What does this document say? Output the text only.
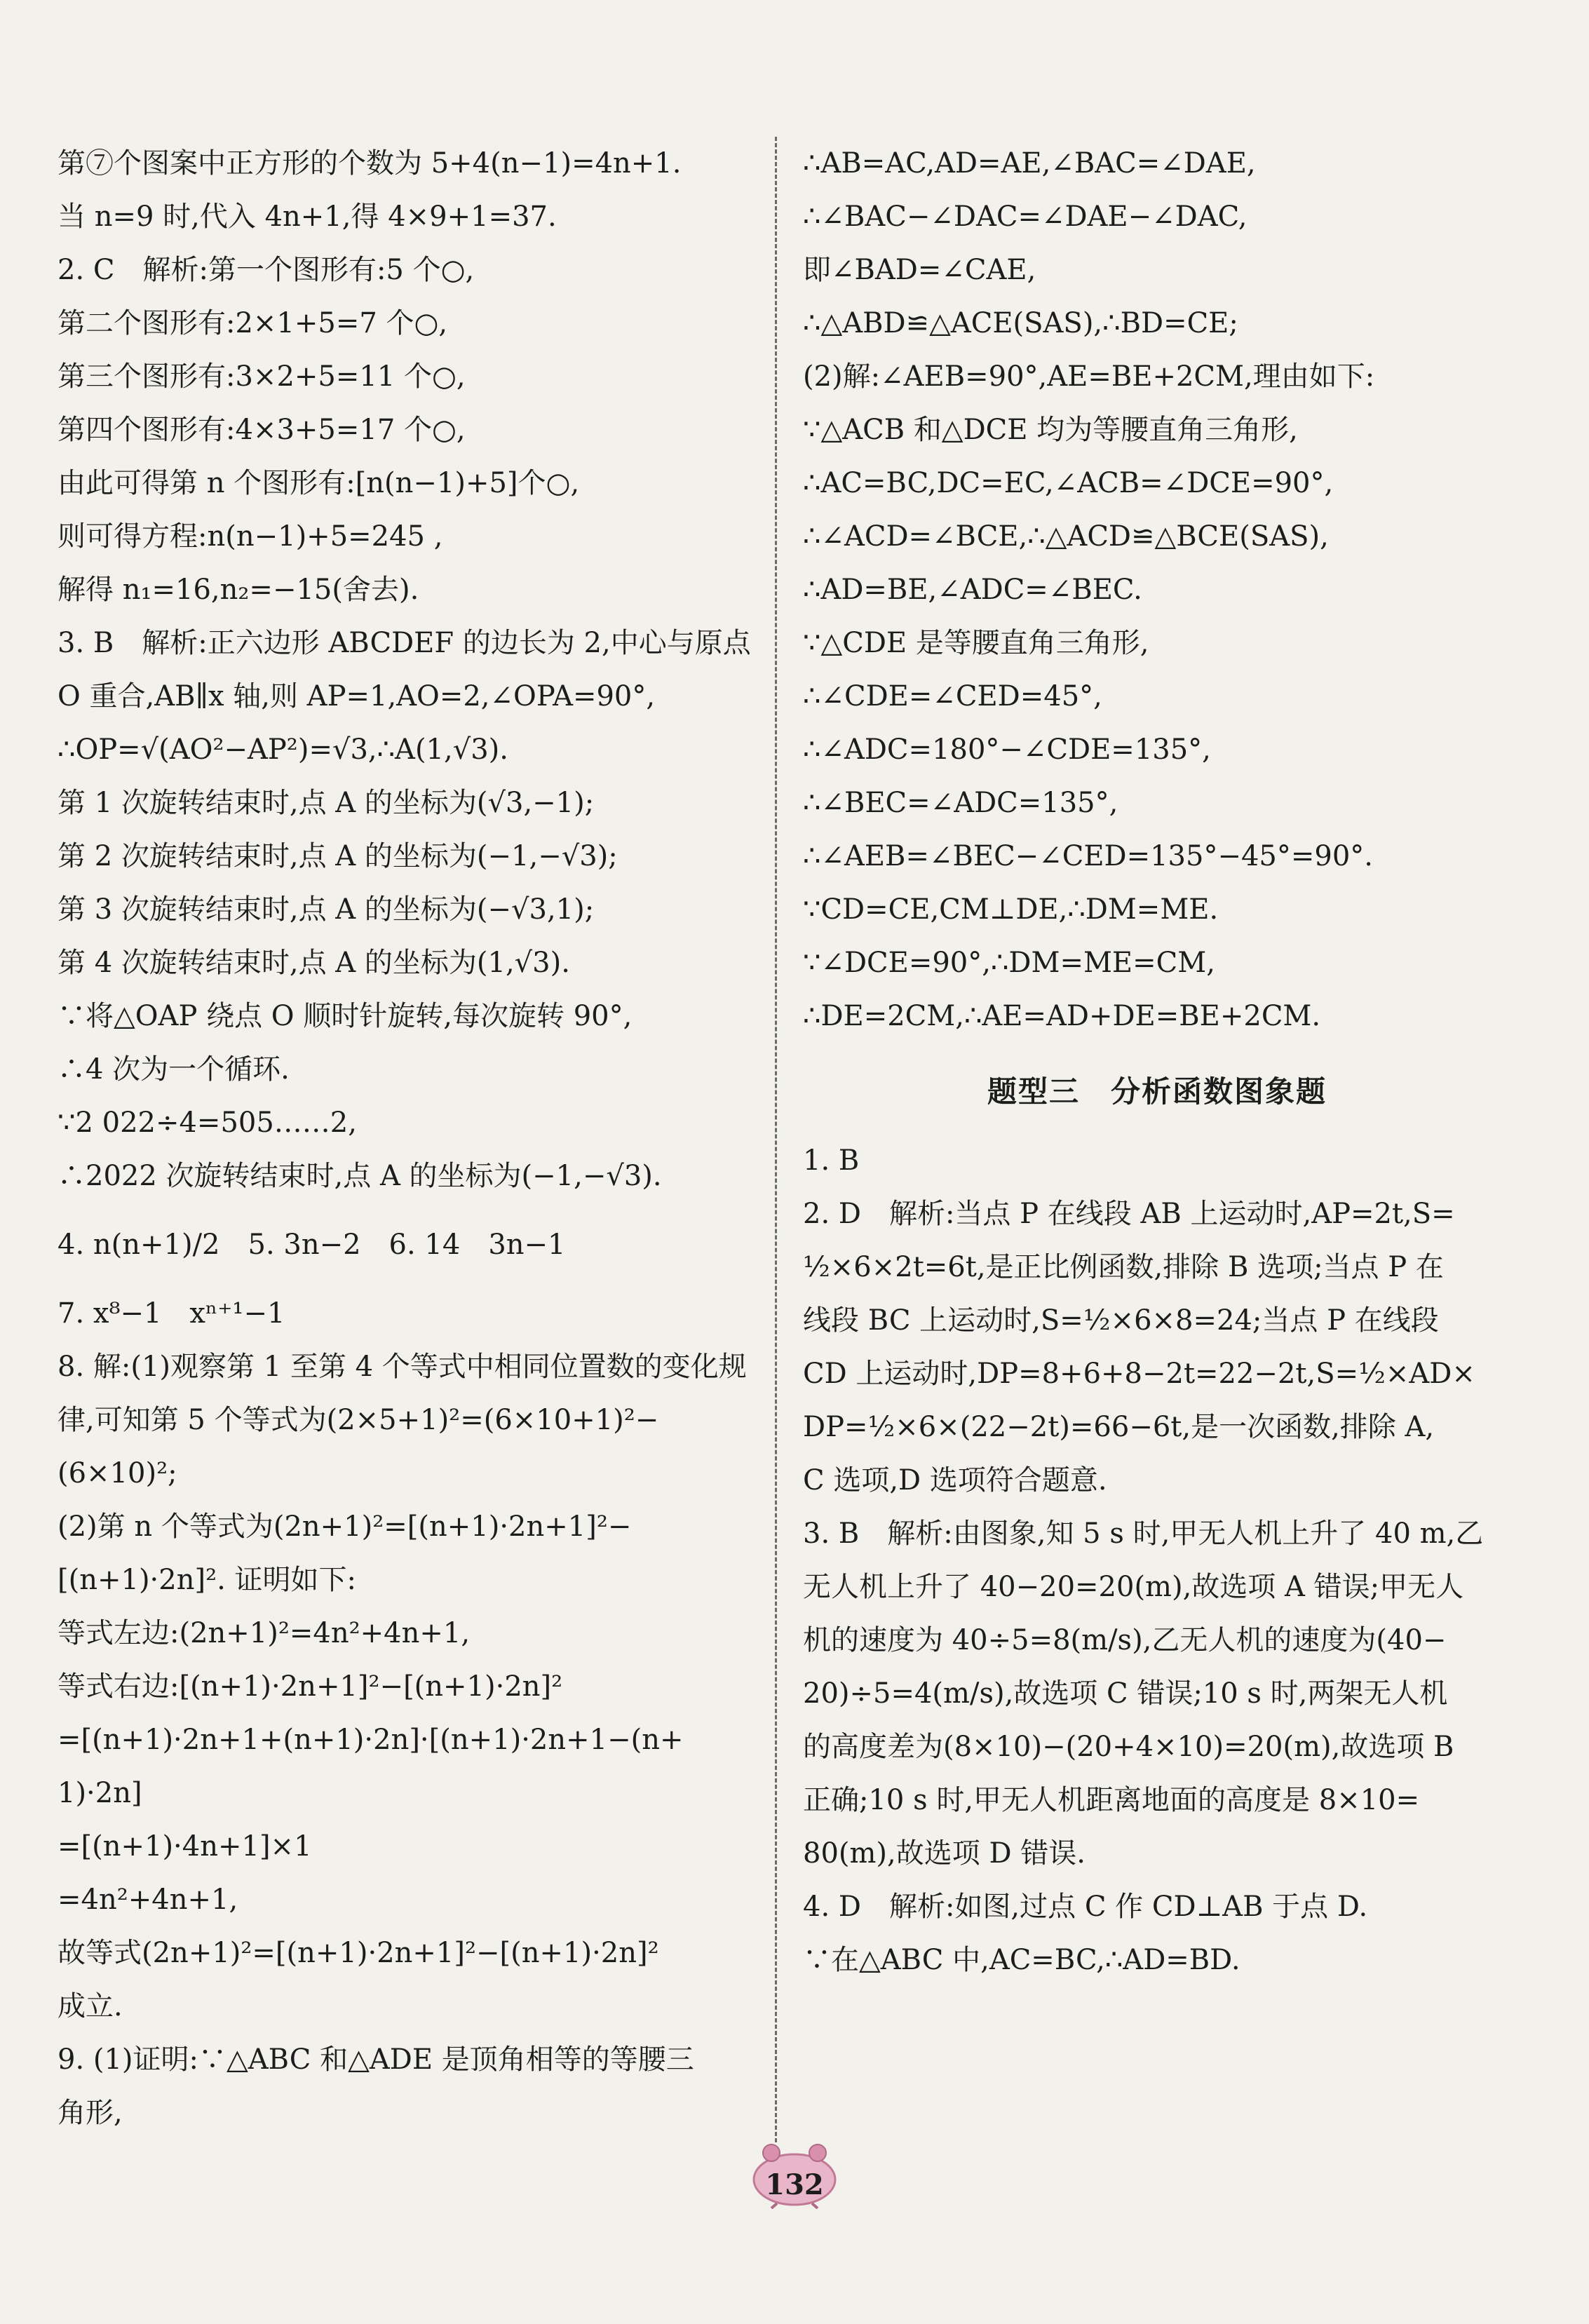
第⑦个图案中正方形的个数为 5+4(n−1)=4n+1.
当 n=9 时,代入 4n+1,得 4×9+1=37.
2. C　解析:第一个图形有:5 个○,
第二个图形有:2×1+5=7 个○,
第三个图形有:3×2+5=11 个○,
第四个图形有:4×3+5=17 个○,
由此可得第 n 个图形有:[n(n−1)+5]个○,
则可得方程:n(n−1)+5=245 ,
解得 n₁=16,n₂=−15(舍去).
3. B　解析:正六边形 ABCDEF 的边长为 2,中心与原点
O 重合,AB∥x 轴,则 AP=1,AO=2,∠OPA=90°,
∴OP=√(AO²−AP²)=√3,∴A(1,√3).
第 1 次旋转结束时,点 A 的坐标为(√3,−1);
第 2 次旋转结束时,点 A 的坐标为(−1,−√3);
第 3 次旋转结束时,点 A 的坐标为(−√3,1);
第 4 次旋转结束时,点 A 的坐标为(1,√3).
∵将△OAP 绕点 O 顺时针旋转,每次旋转 90°,
∴4 次为一个循环.
∵2 022÷4=505……2,
∴2022 次旋转结束时,点 A 的坐标为(−1,−√3).
4. n(n+1)/2　5. 3n−2　6. 14　3n−1
7. x⁸−1　xⁿ⁺¹−1
8. 解:(1)观察第 1 至第 4 个等式中相同位置数的变化规
律,可知第 5 个等式为(2×5+1)²=(6×10+1)²−
(6×10)²;
(2)第 n 个等式为(2n+1)²=[(n+1)·2n+1]²−
[(n+1)·2n]². 证明如下:
等式左边:(2n+1)²=4n²+4n+1,
等式右边:[(n+1)·2n+1]²−[(n+1)·2n]²
=[(n+1)·2n+1+(n+1)·2n]·[(n+1)·2n+1−(n+
1)·2n]
=[(n+1)·4n+1]×1
=4n²+4n+1,
故等式(2n+1)²=[(n+1)·2n+1]²−[(n+1)·2n]²
成立.
9. (1)证明:∵△ABC 和△ADE 是顶角相等的等腰三
角形,
∴AB=AC,AD=AE,∠BAC=∠DAE,
∴∠BAC−∠DAC=∠DAE−∠DAC,
即∠BAD=∠CAE,
∴△ABD≌△ACE(SAS),∴BD=CE;
(2)解:∠AEB=90°,AE=BE+2CM,理由如下:
∵△ACB 和△DCE 均为等腰直角三角形,
∴AC=BC,DC=EC,∠ACB=∠DCE=90°,
∴∠ACD=∠BCE,∴△ACD≌△BCE(SAS),
∴AD=BE,∠ADC=∠BEC.
∵△CDE 是等腰直角三角形,
∴∠CDE=∠CED=45°,
∴∠ADC=180°−∠CDE=135°,
∴∠BEC=∠ADC=135°,
∴∠AEB=∠BEC−∠CED=135°−45°=90°.
∵CD=CE,CM⊥DE,∴DM=ME.
∵∠DCE=90°,∴DM=ME=CM,
∴DE=2CM,∴AE=AD+DE=BE+2CM.
题型三　分析函数图象题
1. B
2. D　解析:当点 P 在线段 AB 上运动时,AP=2t,S=
½×6×2t=6t,是正比例函数,排除 B 选项;当点 P 在
线段 BC 上运动时,S=½×6×8=24;当点 P 在线段
CD 上运动时,DP=8+6+8−2t=22−2t,S=½×AD×
DP=½×6×(22−2t)=66−6t,是一次函数,排除 A,
C 选项,D 选项符合题意.
3. B　解析:由图象,知 5 s 时,甲无人机上升了 40 m,乙
无人机上升了 40−20=20(m),故选项 A 错误;甲无人
机的速度为 40÷5=8(m/s),乙无人机的速度为(40−
20)÷5=4(m/s),故选项 C 错误;10 s 时,两架无人机
的高度差为(8×10)−(20+4×10)=20(m),故选项 B
正确;10 s 时,甲无人机距离地面的高度是 8×10=
80(m),故选项 D 错误.
4. D　解析:如图,过点 C 作 CD⊥AB 于点 D.
∵在△ABC 中,AC=BC,∴AD=BD.
132
